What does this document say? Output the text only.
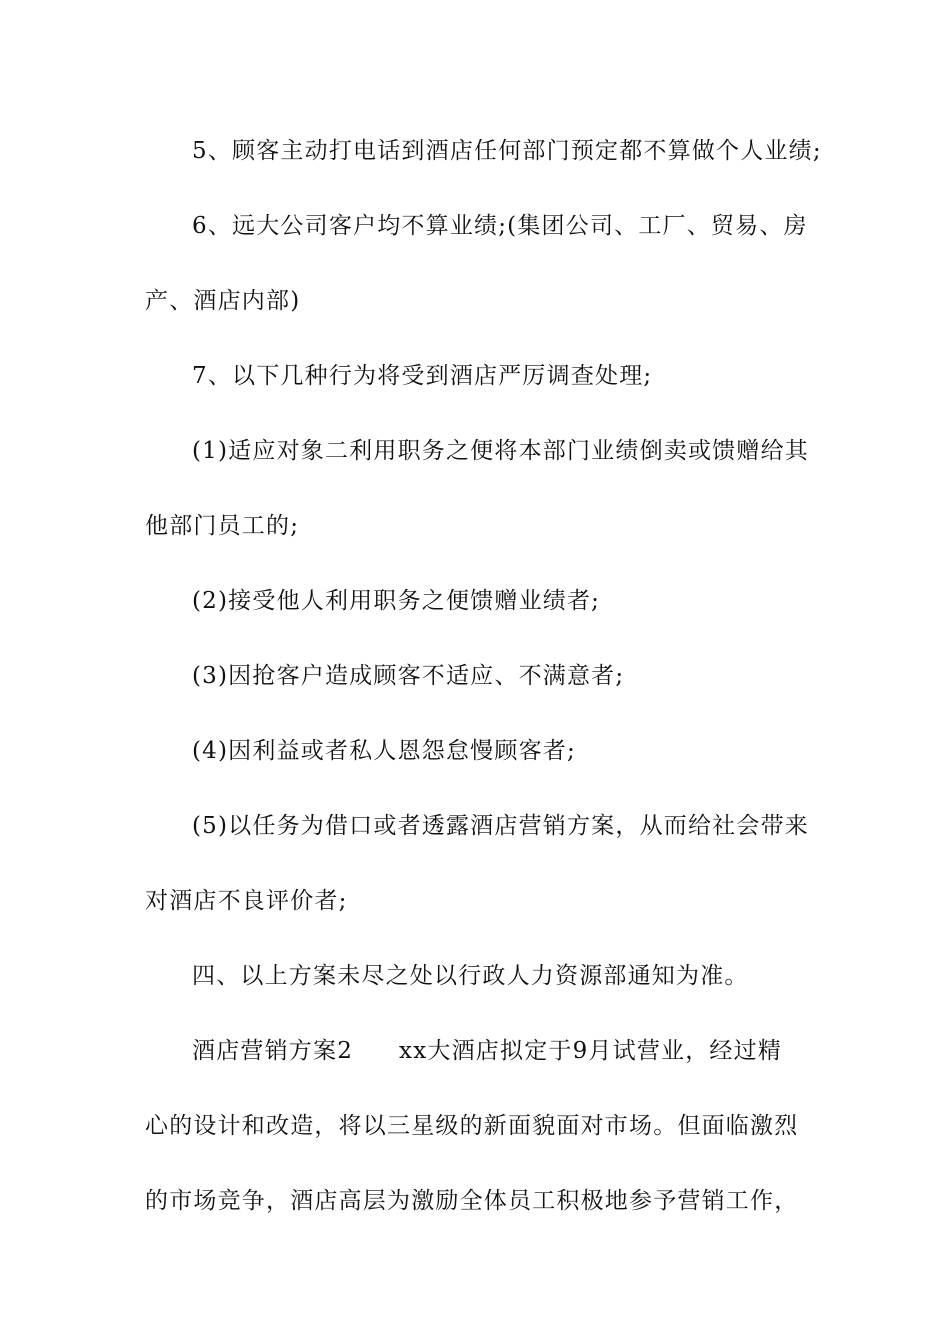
5、顾客主动打电话到酒店任何部门预定都不算做个人业绩;
6、远大公司客户均不算业绩;(集团公司、工厂、贸易、房
产、酒店内部)
7、以下几种行为将受到酒店严厉调查处理;
(1)适应对象二利用职务之便将本部门业绩倒卖或馈赠给其
他部门员工的;
(2)接受他人利用职务之便馈赠业绩者;
(3)因抢客户造成顾客不适应、不满意者;
(4)因利益或者私人恩怨怠慢顾客者;
(5)以任务为借口或者透露酒店营销方案，从而给社会带来
对酒店不良评价者;
四、以上方案未尽之处以行政人力资源部通知为准。
酒店营销方案2 xx大酒店拟定于9月试营业，经过精
心的设计和改造，将以三星级的新面貌面对市场。但面临激烈
的市场竞争，酒店高层为激励全体员工积极地参予营销工作，
